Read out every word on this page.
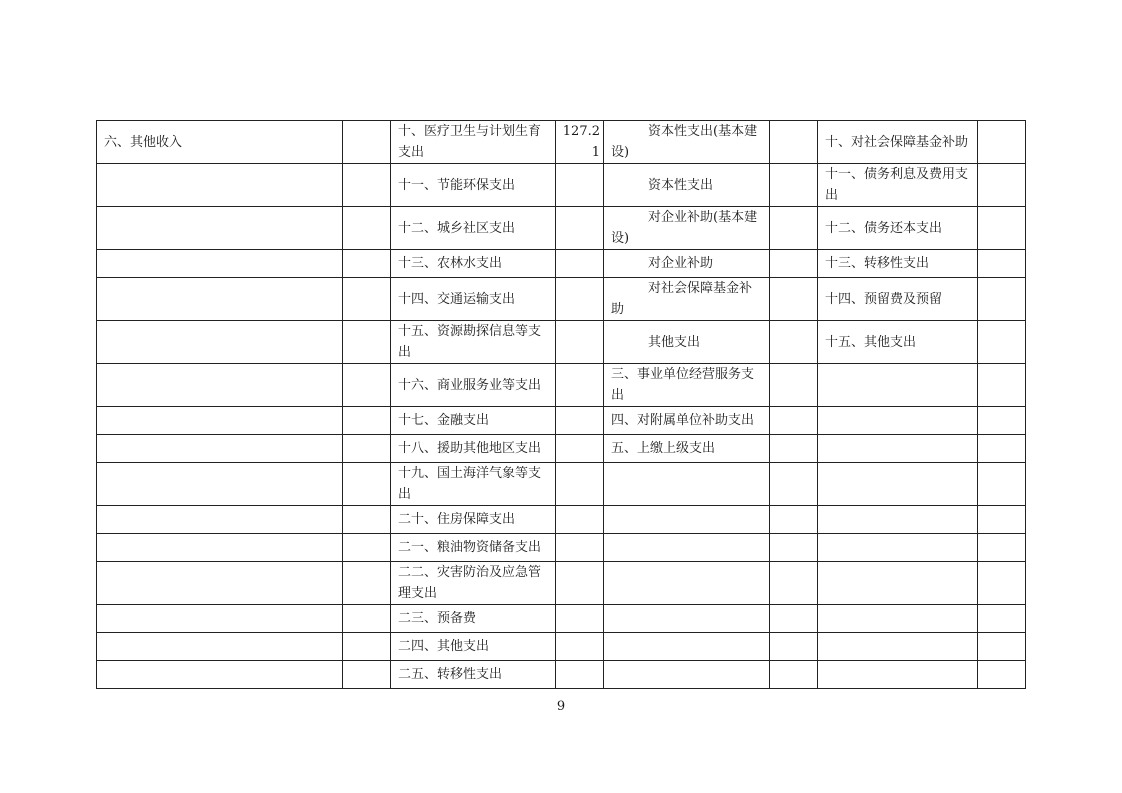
六、其他收入		十、医疗卫生与计划生育支出	127.21	资本性支出(基本建设)		十、对社会保障基金补助	
		十一、节能环保支出		资本性支出		十一、债务利息及费用支出	
		十二、城乡社区支出		对企业补助(基本建设)		十二、债务还本支出	
		十三、农林水支出		对企业补助		十三、转移性支出	
		十四、交通运输支出		对社会保障基金补助		十四、预留费及预留	
		十五、资源勘探信息等支出		其他支出		十五、其他支出	
		十六、商业服务业等支出		三、事业单位经营服务支出			
		十七、金融支出		四、对附属单位补助支出			
		十八、援助其他地区支出		五、上缴上级支出			
		十九、国土海洋气象等支出					
		二十、住房保障支出					
		二一、粮油物资储备支出					
		二二、灾害防治及应急管理支出					
		二三、预备费					
		二四、其他支出					
		二五、转移性支出					
9
